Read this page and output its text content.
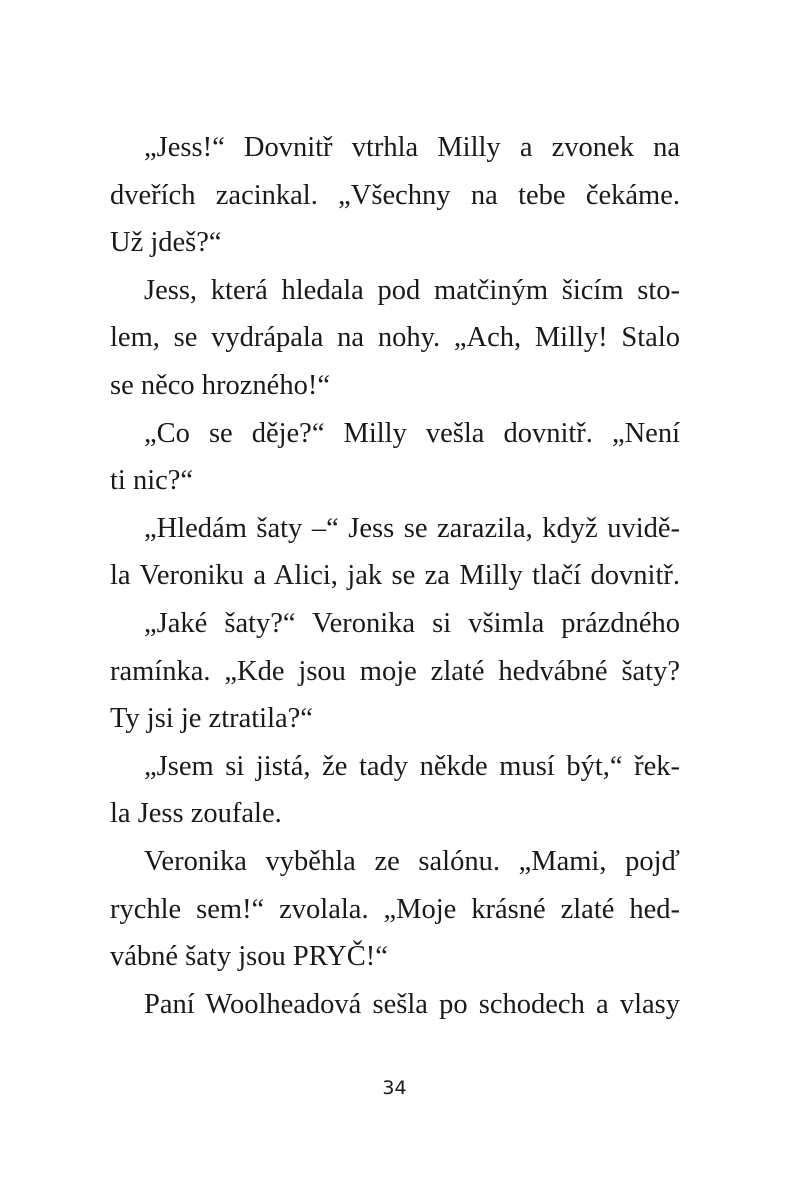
„Jess!“ Dovnitř vtrhla Milly a zvonek na
dveřích zacinkal. „Všechny na tebe čekáme.
Už jdeš?“
Jess, která hledala pod matčiným šicím sto-
lem, se vydrápala na nohy. „Ach, Milly! Stalo
se něco hrozného!“
„Co se děje?“ Milly vešla dovnitř. „Není
ti nic?“
„Hledám šaty –“ Jess se zarazila, když uvidě-
la Veroniku a Alici, jak se za Milly tlačí dovnitř.
„Jaké šaty?“ Veronika si všimla prázdného
ramínka. „Kde jsou moje zlaté hedvábné šaty?
Ty jsi je ztratila?“
„Jsem si jistá, že tady někde musí být,“ řek-
la Jess zoufale.
Veronika vyběhla ze salónu. „Mami, pojď
rychle sem!“ zvolala. „Moje krásné zlaté hed-
vábné šaty jsou PRYČ!“
Paní Woolheadová sešla po schodech a vlasy
34
